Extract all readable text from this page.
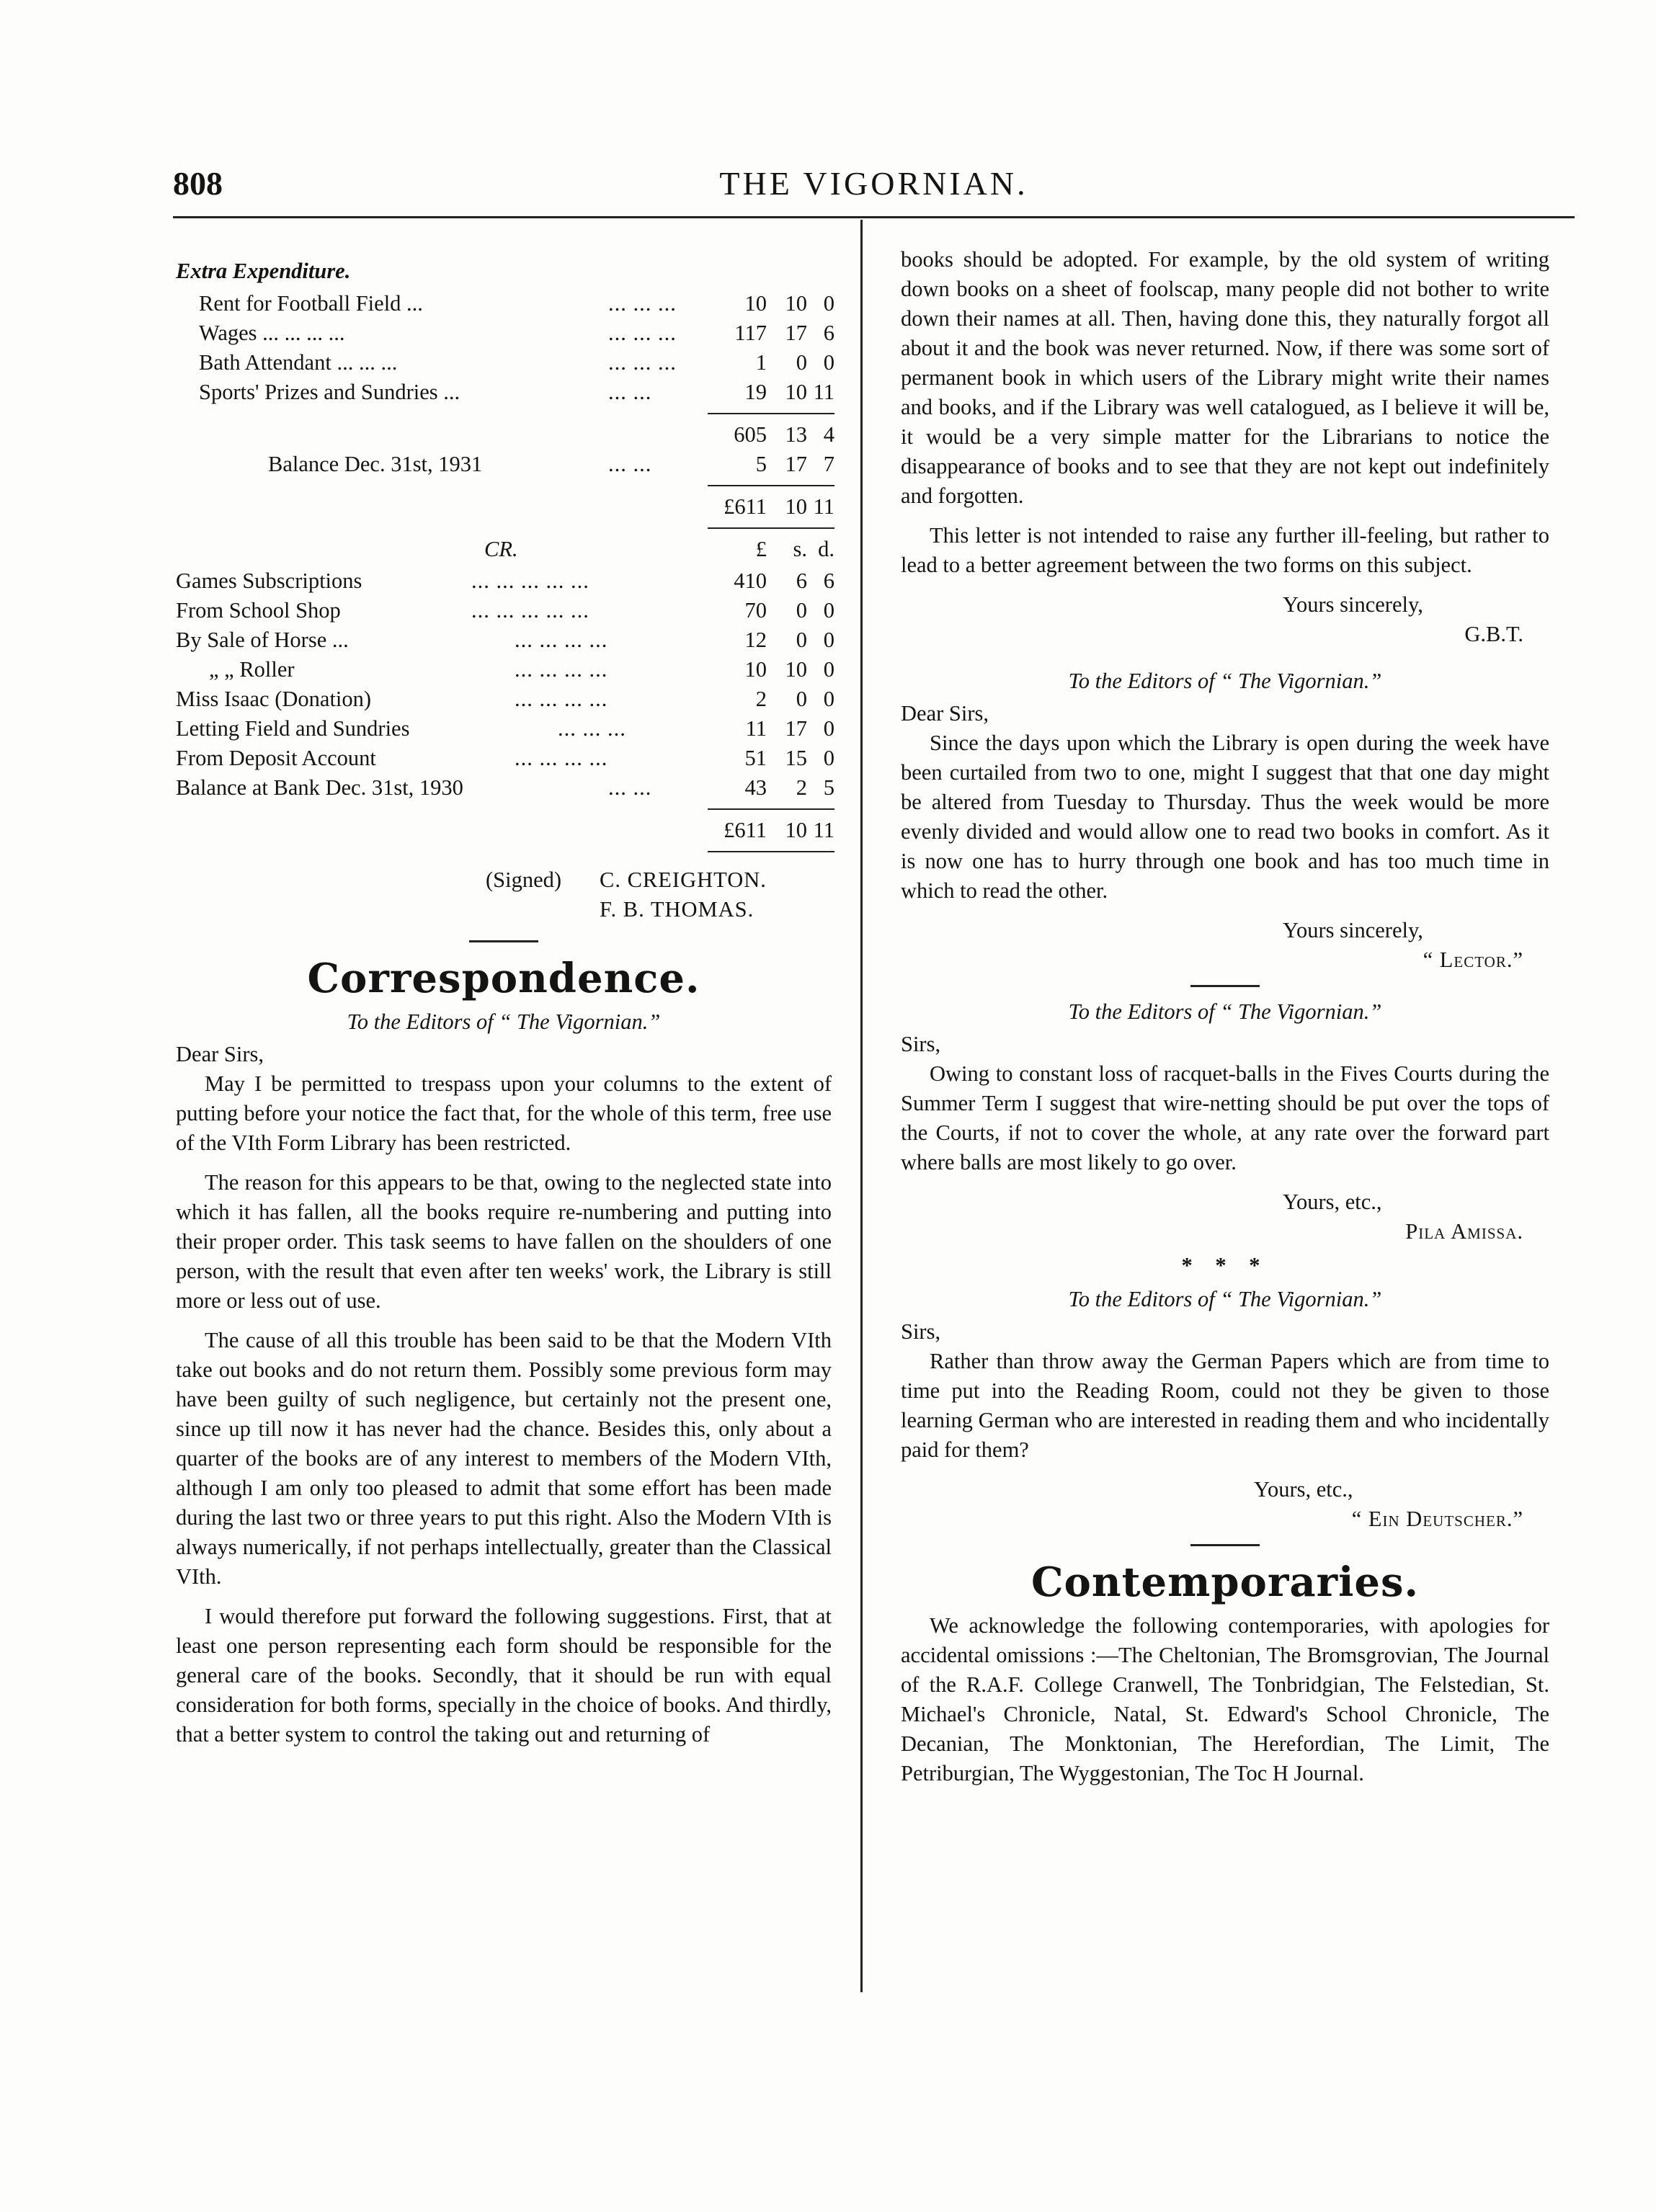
808	THE VIGORNIAN.
Extra Expenditure.
Rent for Football Field ...	... ... ...	10 10 0
Wages ... ... ... ...	... ... ...	117 17 6
Bath Attendant ... ... ...	... ... ...	1	0 0
Sports' Prizes and Sundries ...	... ...	19 10 11
605 13 4
Balance Dec. 31st, 1931	... ...	5 17 7
£611 10 11
CR.	£	s. d.
Games Subscriptions	... ... ... ... ...	410	6 6
From School Shop	... ... ... ... ...	70	0 0
By Sale of Horse ...	... ... ... ...	12	0 0
„ „ Roller	... ... ... ...	10 10 0
Miss Isaac (Donation)	... ... ... ...	2	0 0
Letting Field and Sundries	... ... ...	11 17 0
From Deposit Account	... ... ... ...	51 15 0
Balance at Bank Dec. 31st, 1930	... ...	43	2 5
£611 10 11
(Signed) C. CREIGHTON.
F. B. THOMAS.
Correspondence.
To the Editors of “ The Vigornian.”

Dear Sirs,

May I be permitted to trespass upon your columns to the extent of putting before your notice the fact that, for the whole of this term, free use of the VIth Form Library has been restricted.

The reason for this appears to be that, owing to the neglected state into which it has fallen, all the books require re-numbering and putting into their proper order. This task seems to have fallen on the shoulders of one person, with the result that even after ten weeks' work, the Library is still more or less out of use.

The cause of all this trouble has been said to be that the Modern VIth take out books and do not return them. Possibly some previous form may have been guilty of such negligence, but certainly not the present one, since up till now it has never had the chance. Besides this, only about a quarter of the books are of any interest to members of the Modern VIth, although I am only too pleased to admit that some effort has been made during the last two or three years to put this right. Also the Modern VIth is always numerically, if not perhaps intellectually, greater than the Classical VIth.

I would therefore put forward the following suggestions. First, that at least one person representing each form should be responsible for the general care of the books. Secondly, that it should be run with equal consideration for both forms, specially in the choice of books. And thirdly, that a better system to control the taking out and returning of

books should be adopted. For example, by the old system of writing down books on a sheet of foolscap, many people did not bother to write down their names at all. Then, having done this, they naturally forgot all about it and the book was never returned. Now, if there was some sort of permanent book in which users of the Library might write their names and books, and if the Library was well catalogued, as I believe it will be, it would be a very simple matter for the Librarians to notice the disappearance of books and to see that they are not kept out indefinitely and forgotten.

This letter is not intended to raise any further ill-feeling, but rather to lead to a better agreement between the two forms on this subject.

Yours sincerely,

G.B.T.

To the Editors of “ The Vigornian.”

Dear Sirs,

Since the days upon which the Library is open during the week have been curtailed from two to one, might I suggest that that one day might be altered from Tuesday to Thursday. Thus the week would be more evenly divided and would allow one to read two books in comfort. As it is now one has to hurry through one book and has too much time in which to read the other.

Yours sincerely,

“ Lector.”

To the Editors of “ The Vigornian.”

Sirs,

Owing to constant loss of racquet-balls in the Fives Courts during the Summer Term I suggest that wire-netting should be put over the tops of the Courts, if not to cover the whole, at any rate over the forward part where balls are most likely to go over.

Yours, etc.,

Pila Amissa.

* * *
To the Editors of “ The Vigornian.”

Sirs,

Rather than throw away the German Papers which are from time to time put into the Reading Room, could not they be given to those learning German who are interested in reading them and who incidentally paid for them?

Yours, etc.,

“ Ein Deutscher.”

Contemporaries.

We acknowledge the following contemporaries, with apologies for accidental omissions :—The Cheltonian, The Bromsgrovian, The Journal of the R.A.F. College Cranwell, The Tonbridgian, The Felstedian, St. Michael's Chronicle, Natal, St. Edward's School Chronicle, The Decanian, The Monktonian, The Herefordian, The Limit, The Petriburgian, The Wyggestonian, The Toc H Journal.
